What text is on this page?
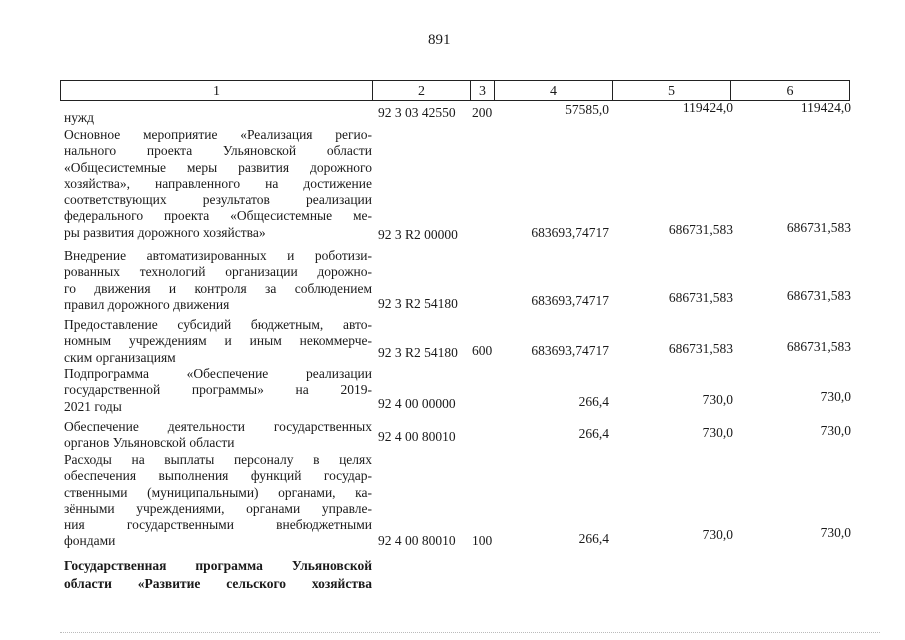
891
1	2	3	4	5	6
нужд	92 3 03 42550 200	57585,0	119424,0	119424,0
Основное мероприятие «Реализация регио-
нального проекта Ульяновской области
«Общесистемные меры развития дорожного
хозяйства», направленного на достижение
соответствующих результатов реализации
федерального проекта «Общесистемные ме-
ры развития дорожного хозяйства»	92 3 R2 00000	683693,74717	686731,583	686731,583
Внедрение автоматизированных и роботизи-
рованных технологий организации дорожно-
го движения и контроля за соблюдением
правил дорожного движения	92 3 R2 54180	683693,74717	686731,583	686731,583
Предоставление субсидий бюджетным, авто-
номным учреждениям и иным некоммерче-
ским организациям	92 3 R2 54180 600	683693,74717	686731,583	686731,583
Подпрограмма «Обеспечение реализации
государственной программы» на 2019-
2021 годы	92 4 00 00000	266,4	730,0	730,0
Обеспечение деятельности государственных
органов Ульяновской области	92 4 00 80010	266,4	730,0	730,0
Расходы на выплаты персоналу в целях
обеспечения выполнения функций государ-
ственными (муниципальными) органами, ка-
зёнными учреждениями, органами управле-
ния государственными внебюджетными
фондами	92 4 00 80010 100	266,4	730,0	730,0
Государственная программа Ульяновской
области «Развитие сельского хозяйства
